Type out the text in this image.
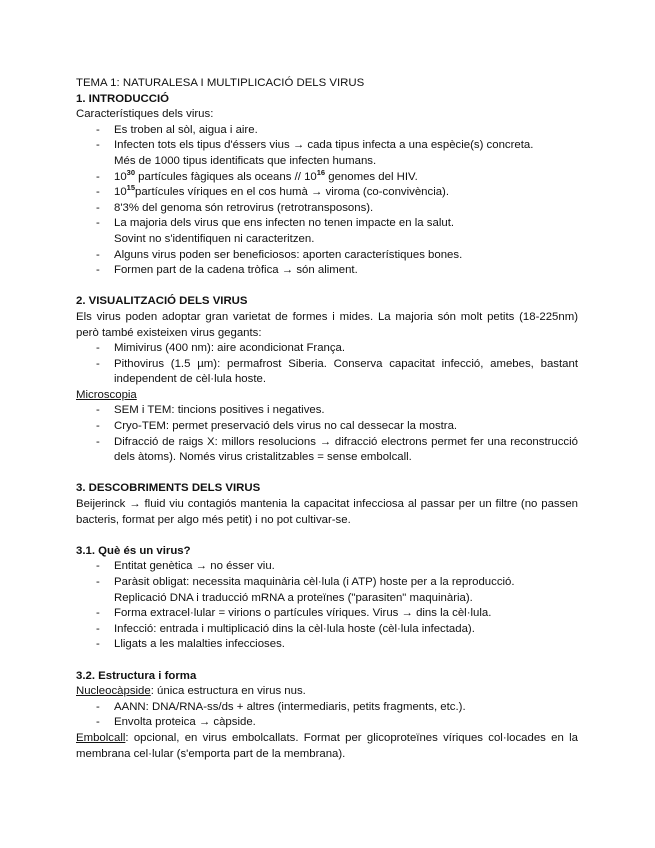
TEMA 1: NATURALESA I MULTIPLICACIÓ DELS VIRUS

1. INTRODUCCIÓ

Característiques dels virus:

- Es troben al sòl, aigua i aire.
- Infecten tots els tipus d'éssers vius → cada tipus infecta a una espècie(s) concreta.
Més de 1000 tipus identificats que infecten humans.
- $10^{30}$ partícules fàgiques als oceans // $10^{16}$ genomes del HIV.
- $10^{15}partícules$ víriques en el cos humà → viroma (co-convivència).
- 8'3% del genoma són retrovirus (retrotransposons).
- La majoria dels virus que ens infecten no tenen impacte en la salut.
Sovint no s'identifiquen ni caracteritzen.
- Alguns virus poden ser beneficiosos: aporten característiques bones.
- Formen part de la cadena tròfica → són aliment.
2. VISUALITZACIÓ DELS VIRUS

Els virus poden adoptar gran varietat de formes i mides. La majoria són molt petits (18-225nm) però també existeixen virus gegants:

- Mimivirus (400 nm): aire acondicionat França.
- Pithovirus (1.5 µm): permafrost Siberia. Conserva capacitat infecció, amebes, bastant independent de cèl·lula hoste.

Microscopia

- SEM i TEM: tincions positives i negatives.
- Cryo-TEM: permet preservació dels virus no cal dessecar la mostra.
- Difracció de raigs X: millors resolucions → difracció electrons permet fer una reconstrucció dels àtoms). Només virus cristalitzables = sense embolcall.
3. DESCOBRIMENTS DELS VIRUS

Beijerinck → fluid viu contagiós mantenia la capacitat infecciosa al passar per un filtre (no passen bacteris, format per algo més petit) i no pot cultivar-se.

3.1. Què és un virus?
- Entitat genètica → no ésser viu.
- Paràsit obligat: necessita maquinària cèl·lula (i ATP) hoste per a la reproducció.
Replicació DNA i traducció mRNA a proteïnes ("parasiten" maquinària).
- Forma extracel·lular = virions o partícules víriques. Virus → dins la cèl·lula.
- Infecció: entrada i multiplicació dins la cèl·lula hoste (cèl·lula infectada).
- Lligats a les malalties infeccioses.
3.2. Estructura i forma

Nucleocàpside: única estructura en virus nus.

- AANN: DNA/RNA-ss/ds + altres (intermediaris, petits fragments, etc.).
- Envolta proteica → càpside.

Embolcall: opcional, en virus embolcallats. Format per glicoproteïnes víriques col·locades en la membrana cel·lular (s'emporta part de la membrana).
